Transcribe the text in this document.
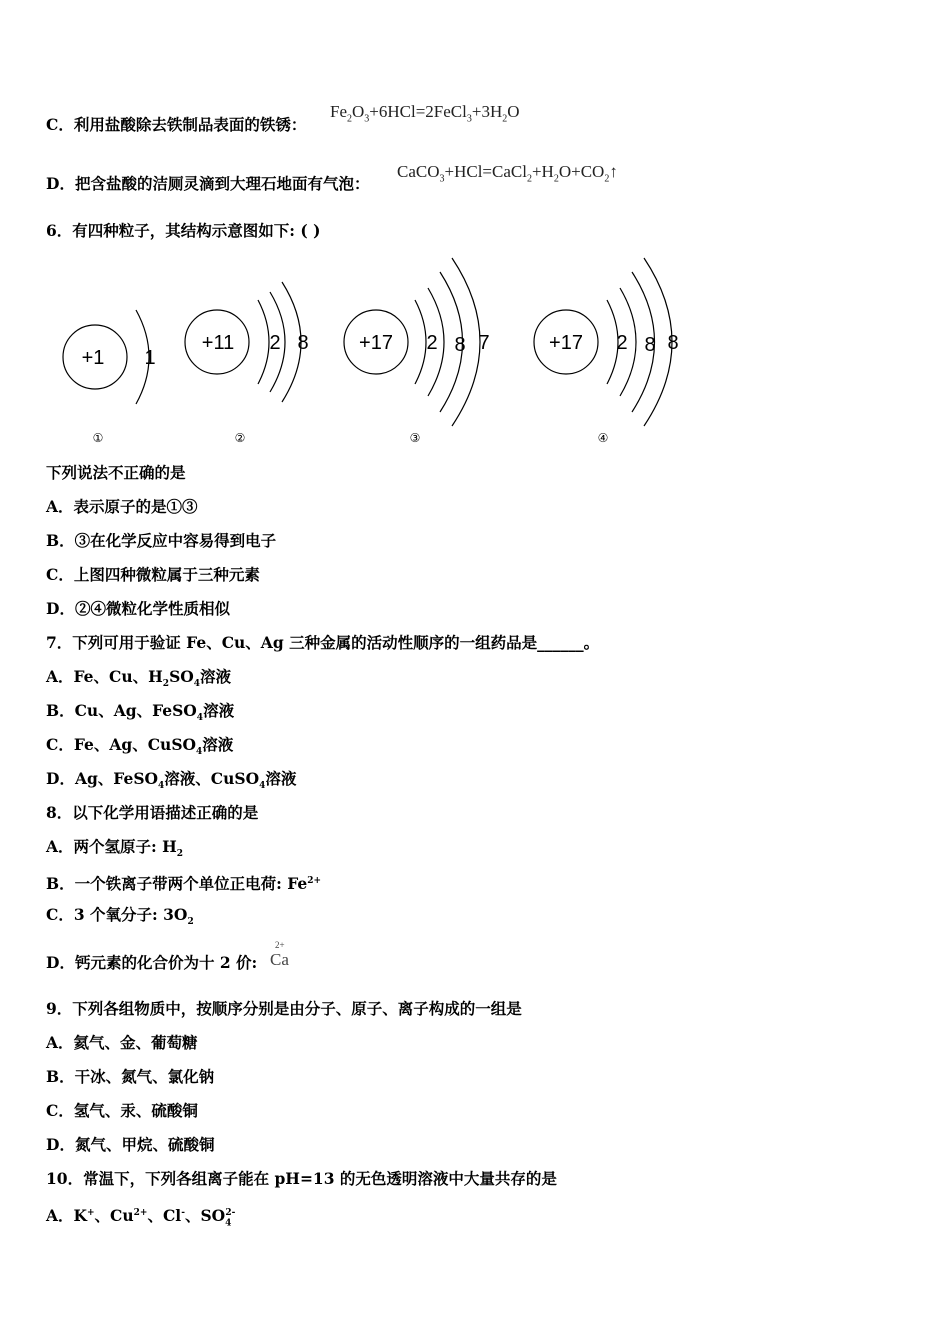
C．利用盐酸除去铁制品表面的铁锈：
$Fe_2O_3+6HCl=2FeCl_3+3H_2O$
D．把含盐酸的洁厕灵滴到大理石地面有气泡：
$CaCO_3+HCl=CaCl_2+H_2O+CO_2↑$
6．有四种粒子，其结构示意图如下: ( )
+1 1
+11 2 8	+17 2 8 7	+17 2 8 8
①	②	③	④
下列说法不正确的是
A．表示原子的是①③
B．③在化学反应中容易得到电子
C．上图四种微粒属于三种元素
D．②④微粒化学性质相似
7．下列可用于验证 Fe、Cu、Ag 三种金属的活动性顺序的一组药品是______。
A．Fe、Cu、$H_2SO_4$溶液
B．Cu、Ag、FeSO$_4$溶液
C．Fe、Ag、CuSO$_4$溶液
D．Ag、FeSO$_4$溶液、CuSO$_4$溶液
8．以下化学用语描述正确的是
A．两个氢原子: $H_2$
B．一个铁离子带两个单位正电荷: $Fe^{2+}$
C．3 个氧分子: $3O_2$
D．钙元素的化合价为十 2 价:
2+
Ca
9．下列各组物质中，按顺序分别是由分子、原子、离子构成的一组是
A．氦气、金、葡萄糖
B．干冰、氮气、氯化钠
C．氢气、汞、硫酸铜
D．氮气、甲烷、硫酸铜
10．常温下，下列各组离子能在 pH=13 的无色透明溶液中大量共存的是
A．K+、$Cu^{2+}$、Cl-、$SO_4^{2-}$
